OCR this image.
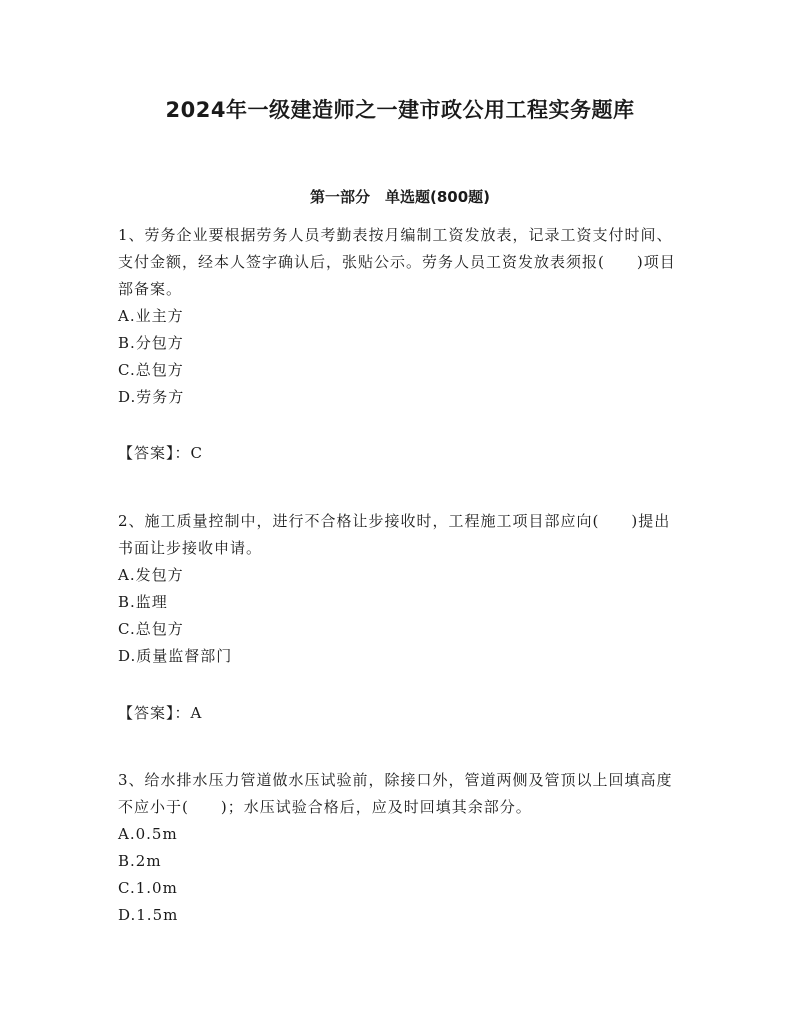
2024年一级建造师之一建市政公用工程实务题库
第一部分　单选题(800题)

1、劳务企业要根据劳务人员考勤表按月编制工资发放表，记录工资支付时间、支付金额，经本人签字确认后，张贴公示。劳务人员工资发放表须报(　　)项目部备案。

A.业主方

B.分包方

C.总包方

D.劳务方

【答案】：C

2、施工质量控制中，进行不合格让步接收时，工程施工项目部应向(　　)提出书面让步接收申请。

A.发包方

B.监理

C.总包方

D.质量监督部门

【答案】：A

3、给水排水压力管道做水压试验前，除接口外，管道两侧及管顶以上回填高度不应小于(　　)；水压试验合格后，应及时回填其余部分。

A.0.5m

B.2m

C.1.0m

D.1.5m
